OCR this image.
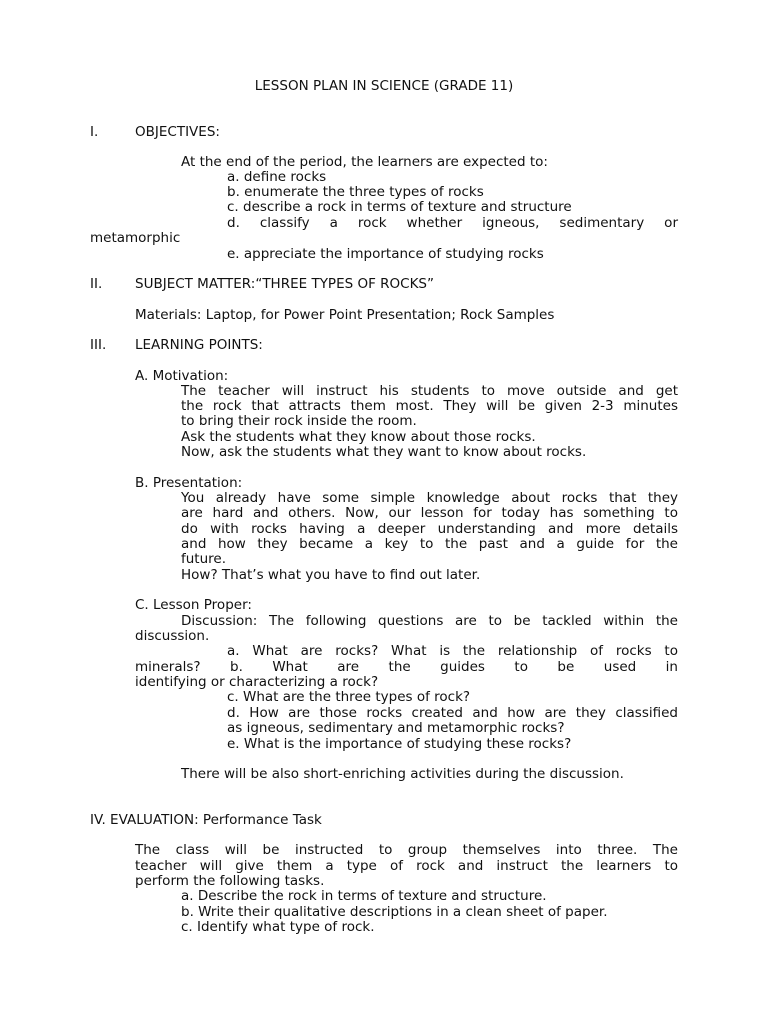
LESSON PLAN IN SCIENCE (GRADE 11)
I.	OBJECTIVES:
At the end of the period, the learners are expected to:
a. define rocks
b. enumerate the three types of rocks
c. describe a rock in terms of texture and structure
d. classify a rock whether igneous, sedimentary or
metamorphic
e. appreciate the importance of studying rocks
II. SUBJECT MATTER:“THREE TYPES OF ROCKS”
Materials: Laptop, for Power Point Presentation; Rock Samples
III. LEARNING POINTS:
A. Motivation:
The teacher will instruct his students to move outside and get
the rock that attracts them most. They will be given 2-3 minutes
to bring their rock inside the room.
Ask the students what they know about those rocks.
Now, ask the students what they want to know about rocks.
B. Presentation:
You already have some simple knowledge about rocks that they
are hard and others. Now, our lesson for today has something to
do with rocks having a deeper understanding and more details
and how they became a key to the past and a guide for the
future.
How? That’s what you have to find out later.
C. Lesson Proper:
Discussion: The following questions are to be tackled within the
discussion.
a. What are rocks? What is the relationship of rocks to
minerals? b. What are the guides to be used in
identifying or characterizing a rock?
c. What are the three types of rock?
d. How are those rocks created and how are they classified
as igneous, sedimentary and metamorphic rocks?
e. What is the importance of studying these rocks?
There will be also short-enriching activities during the discussion.
IV. EVALUATION: Performance Task
The class will be instructed to group themselves into three. The
teacher will give them a type of rock and instruct the learners to
perform the following tasks.
a. Describe the rock in terms of texture and structure.
b. Write their qualitative descriptions in a clean sheet of paper.
c. Identify what type of rock.
